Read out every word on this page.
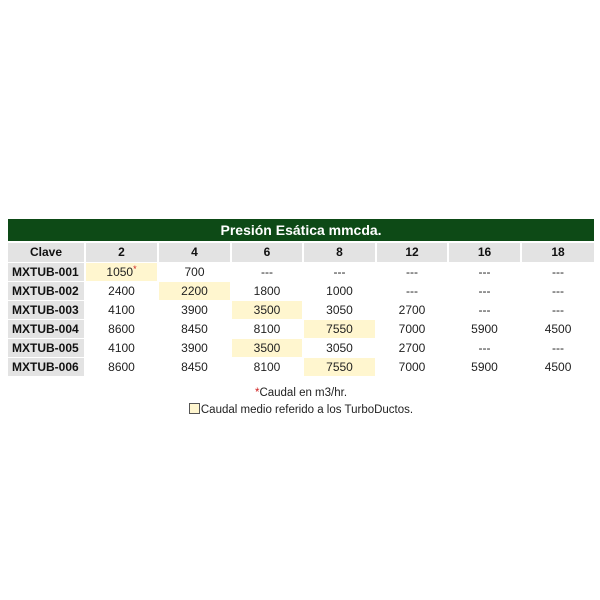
Presión Esática mmcda.							
Clave	2	4	6	8	12	16	18
MXTUB-001	1050*	700	---	---	---	---	---
MXTUB-002	2400	2200	1800	1000	---	---	---
MXTUB-003	4100	3900	3500	3050	2700	---	---
MXTUB-004	8600	8450	8100	7550	7000	5900	4500
MXTUB-005	4100	3900	3500	3050	2700	---	---
MXTUB-006	8600	8450	8100	7550	7000	5900	4500
*Caudal en m3/hr.
Caudal medio referido a los TurboDuctos.
